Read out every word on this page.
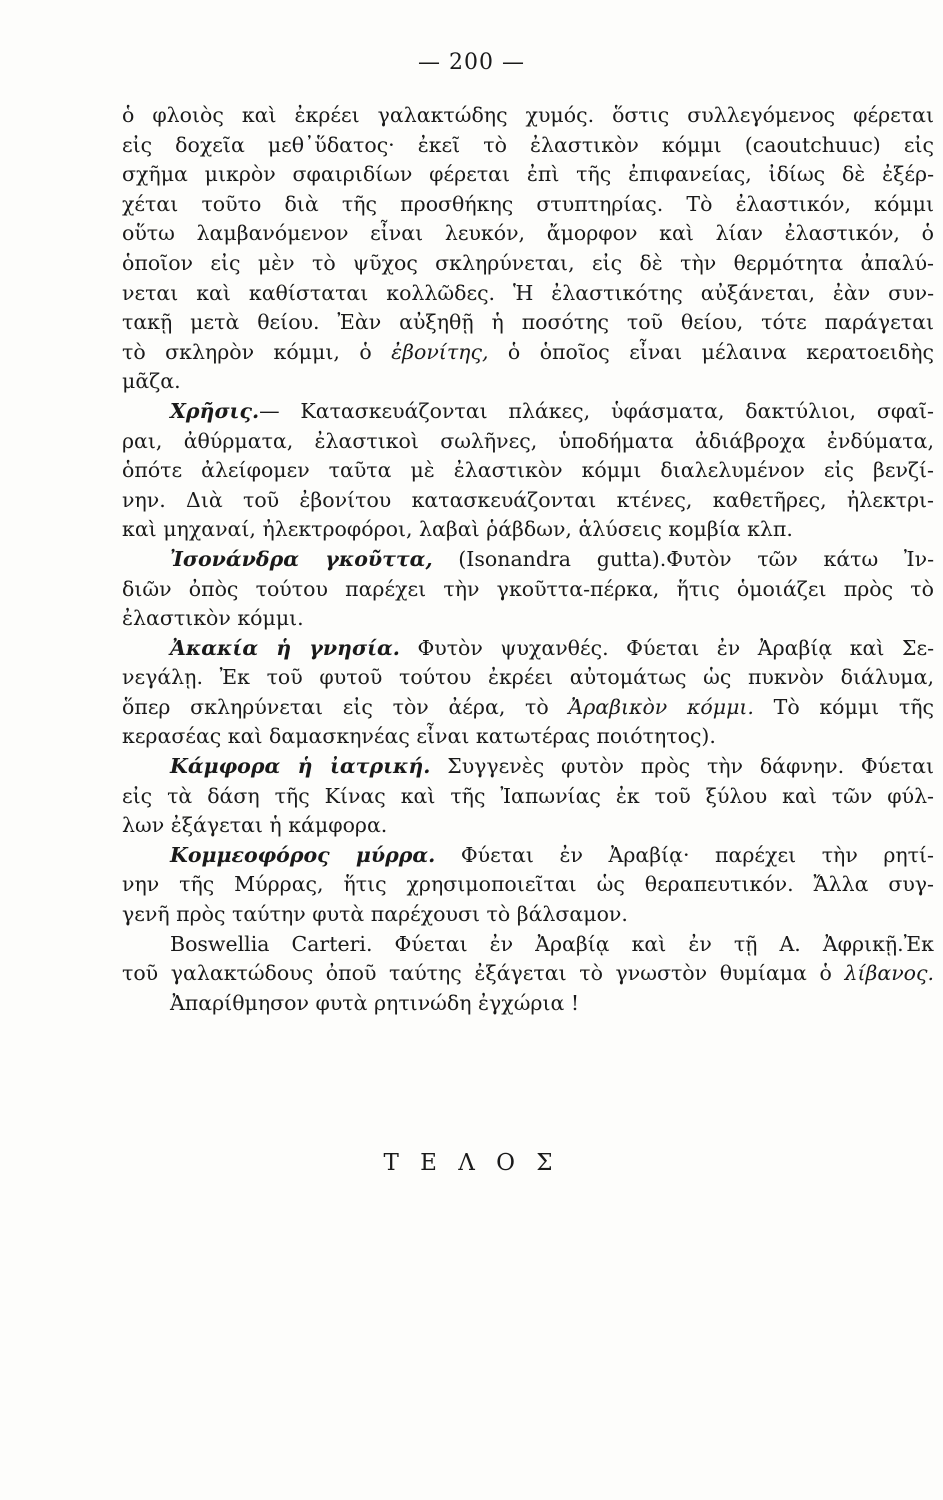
— 200 —
ὁ φλοιὸς καὶ ἐκρέει γαλακτώδης χυμός. ὅστις συλλεγόμενος φέρεται
εἰς δοχεῖα μεθ᾽ὕδατος· ἐκεῖ τὸ ἐλαστικὸν κόμμι (caoutchuuc) εἰς
σχῆμα μικρὸν σφαιριδίων φέρεται ἐπὶ τῆς ἐπιφανείας, ἰδίως δὲ ἐξέρ-
χέται τοῦτο διὰ τῆς προσθήκης στυπτηρίας. Τὸ ἐλαστικόν, κόμμι
οὕτω λαμβανόμενον εἶναι λευκόν, ἄμορφον καὶ λίαν ἐλαστικόν, ὁ
ὁποῖον εἰς μὲν τὸ ψῦχος σκληρύνεται, εἰς δὲ τὴν θερμότητα ἀπαλύ-
νεται καὶ καθίσταται κολλῶδες. Ἡ ἐλαστικότης αὐξάνεται, ἐὰν συν-
τακῇ μετὰ θείου. Ἐὰν αὐξηθῇ ἡ ποσότης τοῦ θείου, τότε παράγεται
τὸ σκληρὸν κόμμι, ὁ ἐβονίτης, ὁ ὁποῖος εἶναι μέλαινα κερατοειδὴς
μᾶζα.
Χρῆσις.— Κατασκευάζονται πλάκες, ὑφάσματα, δακτύλιοι, σφαῖ-
ραι, ἀθύρματα, ἐλαστικοὶ σωλῆνες, ὑποδήματα ἀδιάβροχα ἐνδύματα,
ὁπότε ἀλείφομεν ταῦτα μὲ ἐλαστικὸν κόμμι διαλελυμένον εἰς βενζί-
νην. Διὰ τοῦ ἐβονίτου κατασκευάζονται κτένες, καθετῆρες, ἠλεκτρι-
καὶ μηχαναί, ἠλεκτροφόροι, λαβαὶ ῥάβδων, ἁλύσεις κομβία κλπ.
Ἰσονάνδρα γκοῦττα, (Isonandra gutta).Φυτὸν τῶν κάτω Ἰν-
διῶν ὀπὸς τούτου παρέχει τὴν γκοῦττα-πέρκα, ἥτις ὁμοιάζει πρὸς τὸ
ἐλαστικὸν κόμμι.
Ἀκακία ἡ γνησία. Φυτὸν ψυχανθές. Φύεται ἐν Ἀραβίᾳ καὶ Σε-
νεγάλῃ. Ἐκ τοῦ φυτοῦ τούτου ἐκρέει αὐτομάτως ὡς πυκνὸν διάλυμα,
ὅπερ σκληρύνεται εἰς τὸν ἀέρα, τὸ Ἀραβικὸν κόμμι. Τὸ κόμμι τῆς
κερασέας καὶ δαμασκηνέας εἶναι κατωτέρας ποιότητος).
Κάμφορα ἡ ἰατρική. Συγγενὲς φυτὸν πρὸς τὴν δάφνην. Φύεται
εἰς τὰ δάση τῆς Κίνας καὶ τῆς Ἰαπωνίας ἐκ τοῦ ξύλου καὶ τῶν φύλ-
λων ἐξάγεται ἡ κάμφορα.
Κομμεοφόρος μύρρα. Φύεται ἐν Ἀραβίᾳ· παρέχει τὴν ρητί-
νην τῆς Μύρρας, ἥτις χρησιμοποιεῖται ὡς θεραπευτικόν. Ἄλλα συγ-
γενῆ πρὸς ταύτην φυτὰ παρέχουσι τὸ βάλσαμον.
Boswellia Carteri. Φύεται ἐν Ἀραβίᾳ καὶ ἐν τῇ Α. Ἀφρικῇ.Ἐκ
τοῦ γαλακτώδους ὀποῦ ταύτης ἐξάγεται τὸ γνωστὸν θυμίαμα ὁ λίβανος.
Ἀπαρίθμησον φυτὰ ρητινώδη ἐγχώρια !
Τ Ε Λ Ο Σ
